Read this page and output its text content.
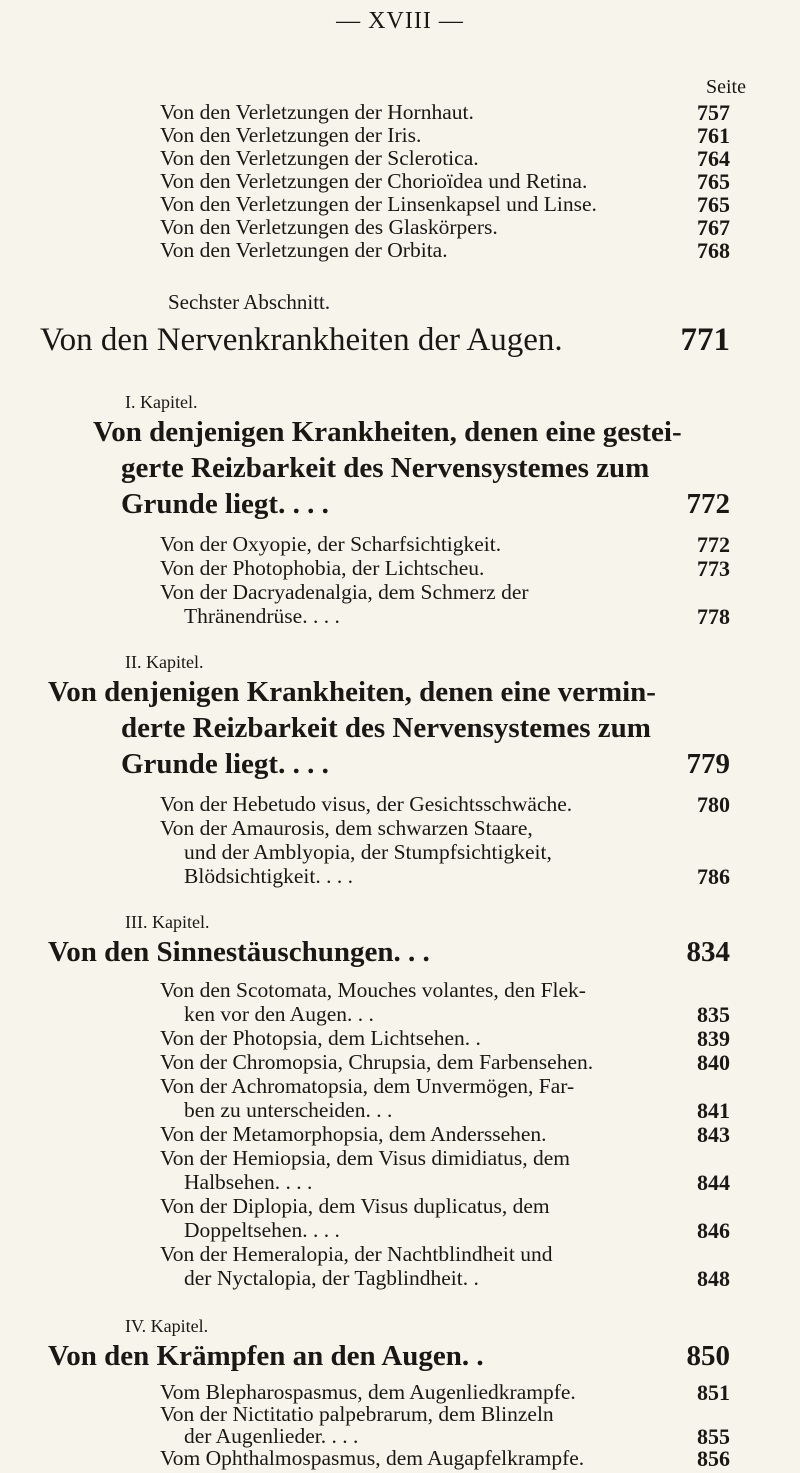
— XVIII —
Seite
Von den Verletzungen der Hornhaut.	757
Von den Verletzungen der Iris.	761
Von den Verletzungen der Sclerotica.	764
Von den Verletzungen der Chorioïdea und Retina.	765
Von den Verletzungen der Linsenkapsel und Linse.	765
Von den Verletzungen des Glaskörpers.	767
Von den Verletzungen der Orbita.	768
Sechster Abschnitt.
Von den Nervenkrankheiten der Augen.	771
I. Kapitel.
Von denjenigen Krankheiten, denen eine gestei-
gerte Reizbarkeit des Nervensystemes zum
Grunde liegt. . . .	772
Von der Oxyopie, der Scharfsichtigkeit.	772
Von der Photophobia, der Lichtscheu.	773
Von der Dacryadenalgia, dem Schmerz der
Thränendrüse. . . .	778
II. Kapitel.
Von denjenigen Krankheiten, denen eine vermin-
derte Reizbarkeit des Nervensystemes zum
Grunde liegt. . . .	779
Von der Hebetudo visus, der Gesichtsschwäche.	780
Von der Amaurosis, dem schwarzen Staare,
und der Amblyopia, der Stumpfsichtigkeit,
Blödsichtigkeit. . . .	786
III. Kapitel.
Von den Sinnestäuschungen. . .	834
Von den Scotomata, Mouches volantes, den Flek-
ken vor den Augen. . .	835
Von der Photopsia, dem Lichtsehen. .	839
Von der Chromopsia, Chrupsia, dem Farbensehen.	840
Von der Achromatopsia, dem Unvermögen, Far-
ben zu unterscheiden. . .	841
Von der Metamorphopsia, dem Anderssehen.	843
Von der Hemiopsia, dem Visus dimidiatus, dem
Halbsehen. . . .	844
Von der Diplopia, dem Visus duplicatus, dem
Doppeltsehen. . . .	846
Von der Hemeralopia, der Nachtblindheit und
der Nyctalopia, der Tagblindheit. .	848
IV. Kapitel.
Von den Krämpfen an den Augen. .	850
Vom Blepharospasmus, dem Augenliedkrampfe.	851
Von der Nictitatio palpebrarum, dem Blinzeln
der Augenlieder. . . .	855
Vom Ophthalmospasmus, dem Augapfelkrampfe.	856
